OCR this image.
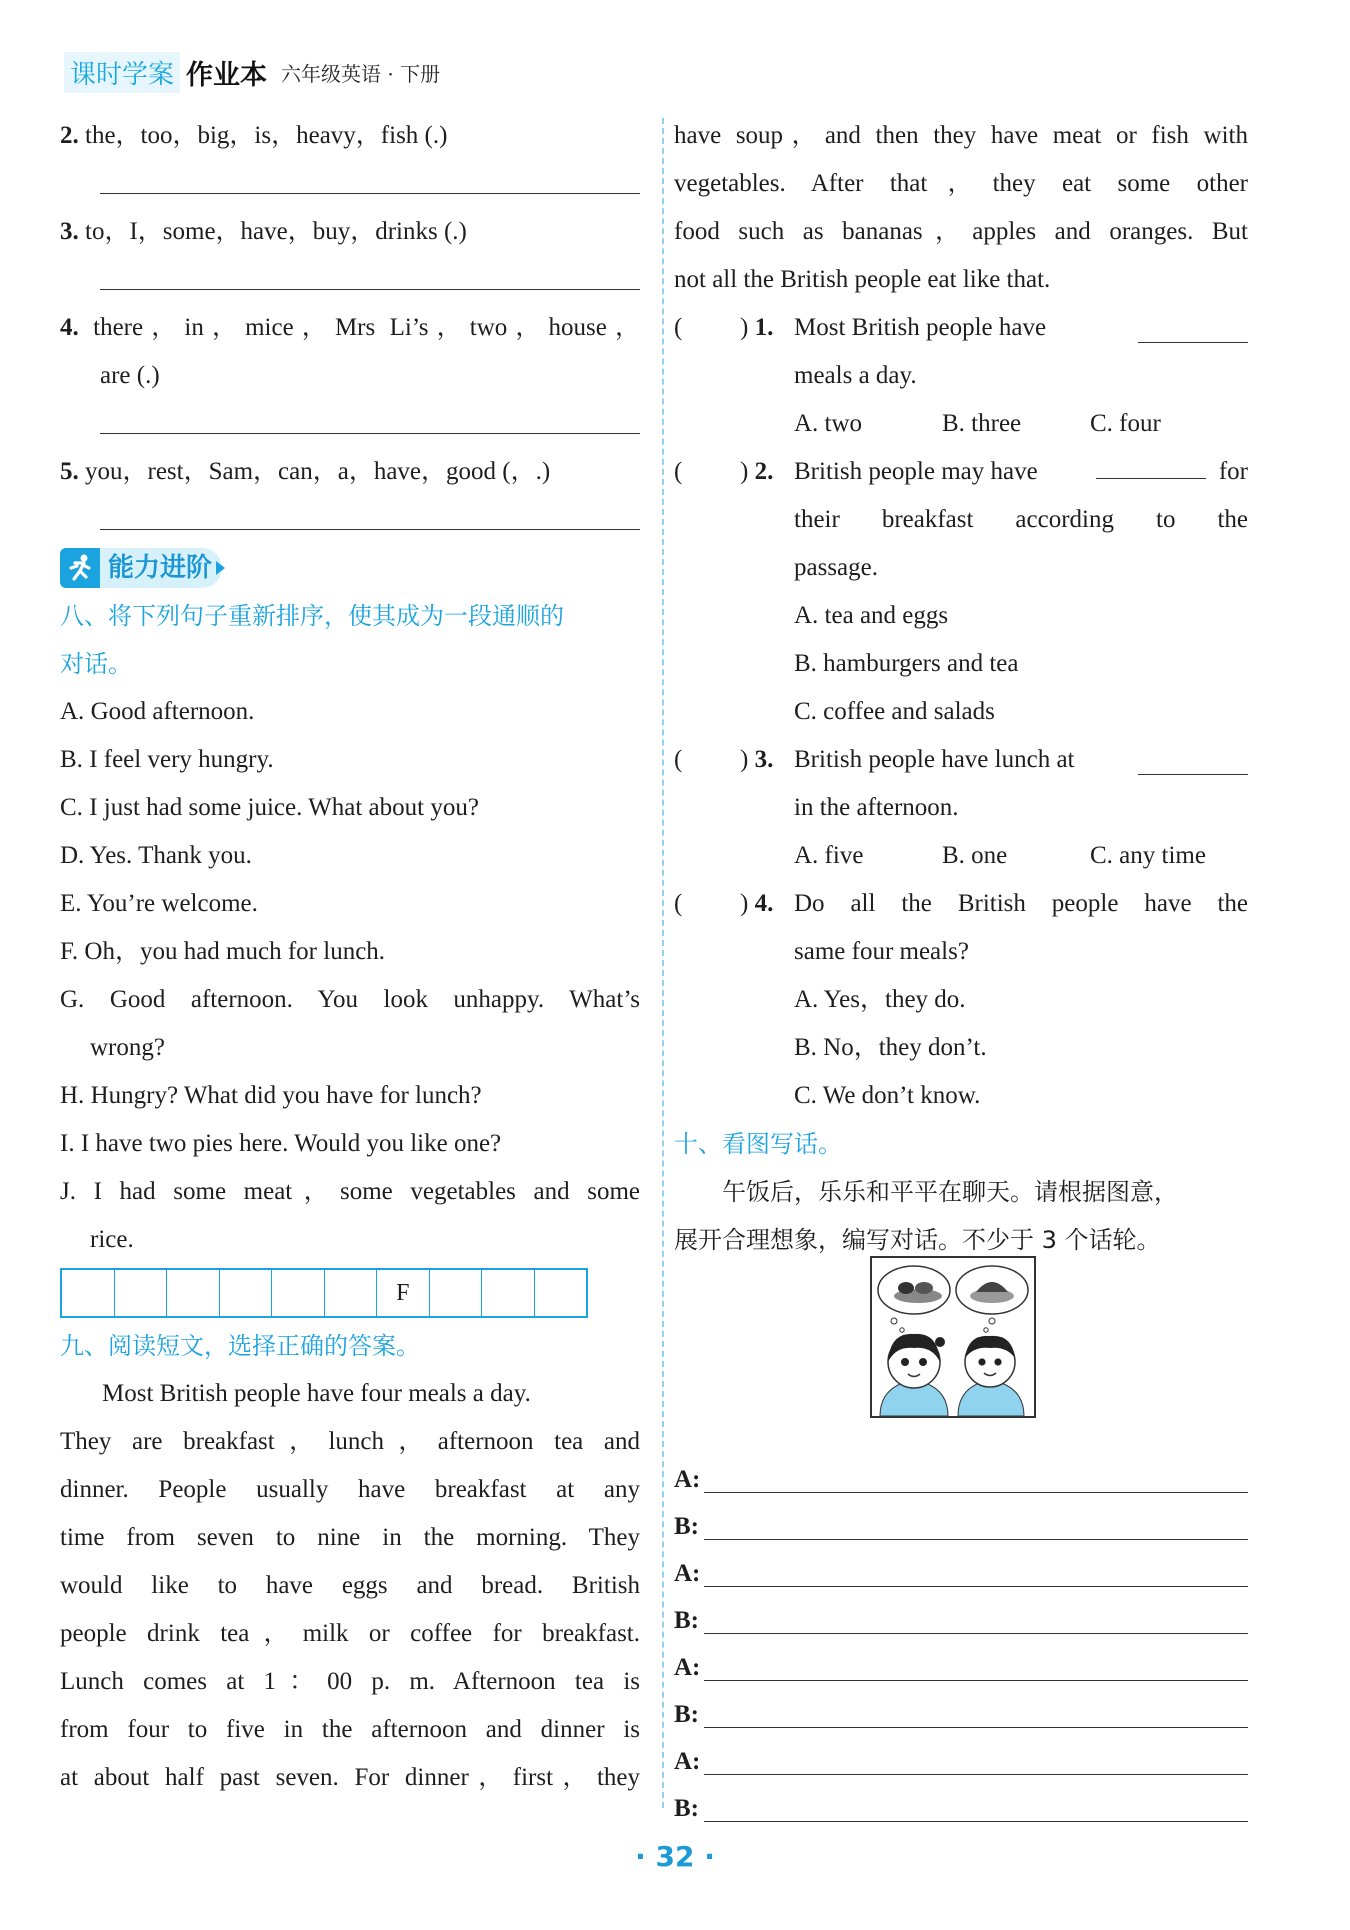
课时学案 作业本 六年级英语 · 下册
2. the，too，big，is，heavy，fish (.)
3. to，I，some，have，buy，drinks (.)
4. there，in，mice，Mrs Li’s，two，house，
are (.)
5. you，rest，Sam，can，a，have，good (，.)
能力进阶
八、将下列句子重新排序，使其成为一段通顺的
对话。
A. Good afternoon.
B. I feel very hungry.
C. I just had some juice. What about you?
D. Yes. Thank you.
E. You’re welcome.
F. Oh，you had much for lunch.
G. Good afternoon. You look unhappy. What’s
wrong?
H. Hungry? What did you have for lunch?
I. I have two pies here. Would you like one?
J. I had some meat，some vegetables and some
rice.
F
九、阅读短文，选择正确的答案。
Most British people have four meals a day.
They are breakfast，lunch，afternoon tea and
dinner. People usually have breakfast at any
time from seven to nine in the morning. They
would like to have eggs and bread. British
people drink tea，milk or coffee for breakfast.
Lunch comes at 1：00 p. m. Afternoon tea is
from four to five in the afternoon and dinner is
at about half past seven. For dinner，first，they
have soup，and then they have meat or fish with
vegetables. After that，they eat some other
food such as bananas，apples and oranges. But
not all the British people eat like that.
( ) 1. Most British people have
meals a day.
A. two	B. three	C. four
( ) 2. British people may have	for
their breakfast according to the
passage.
A. tea and eggs
B. hamburgers and tea
C. coffee and salads
( ) 3. British people have lunch at
in the afternoon.
A. five	B. one	C. any time
( ) 4. Do all the British people have the
same four meals?
A. Yes，they do.
B. No，they don’t.
C. We don’t know.
十、看图写话。
午饭后，乐乐和平平在聊天。请根据图意，
展开合理想象，编写对话。不少于 3 个话轮。
A:
B:
A:
B:
A:
B:
A:
B:
· 32 ·
